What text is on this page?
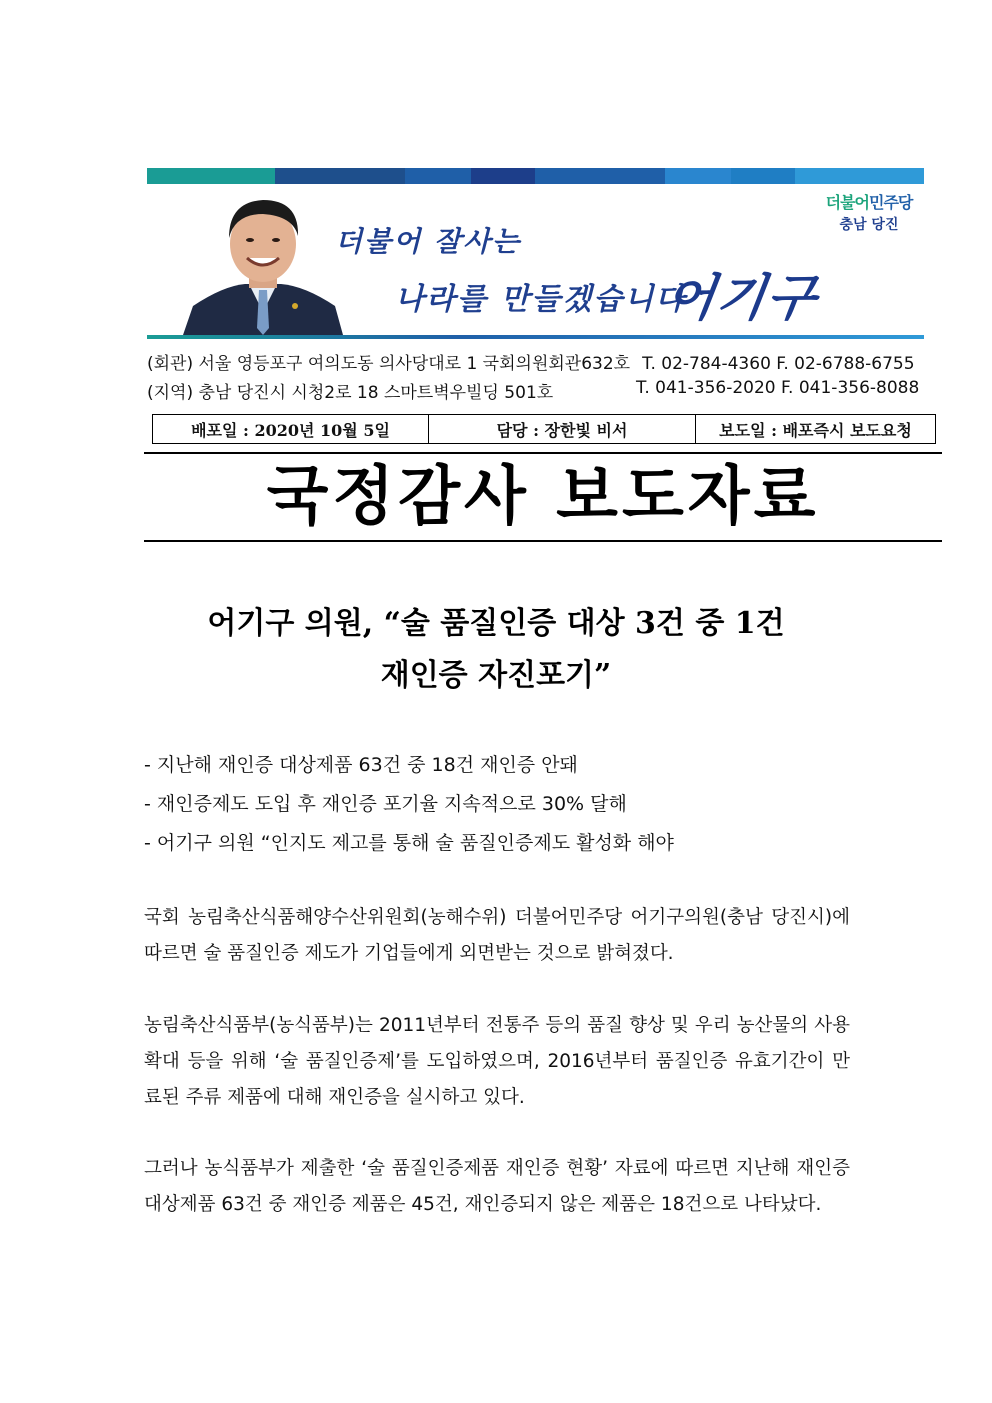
더불어 잘사는
나라를 만들겠습니다
어기구
더불어민주당
충남 당진
(회관) 서울 영등포구 여의도동 의사당대로 1 국회의원회관632호 T. 02-784-4360 F. 02-6788-6755
(지역) 충남 당진시 시청2로 18 스마트벽우빌딩 501호	T. 041-356-2020 F. 041-356-8088
배포일 : 2020년 10월 5일	담당 : 장한빛 비서	보도일 : 배포즉시 보도요청
국정감사 보도자료
어기구 의원, “술 품질인증 대상 3건 중 1건
재인증 자진포기”
- 지난해 재인증 대상제품 63건 중 18건 재인증 안돼
- 재인증제도 도입 후 재인증 포기율 지속적으로 30% 달해
- 어기구 의원 “인지도 제고를 통해 술 품질인증제도 활성화 해야

국회 농림축산식품해양수산위원회(농해수위) 더불어민주당 어기구의원(충남 당진시)에 따르면 술 품질인증 제도가 기업들에게 외면받는 것으로 밝혀졌다.

농림축산식품부(농식품부)는 2011년부터 전통주 등의 품질 향상 및 우리 농산물의 사용 확대 등을 위해 ‘술 품질인증제’를 도입하였으며, 2016년부터 품질인증 유효기간이 만료된 주류 제품에 대해 재인증을 실시하고 있다.

그러나 농식품부가 제출한 ‘술 품질인증제품 재인증 현황’ 자료에 따르면 지난해 재인증 대상제품 63건 중 재인증 제품은 45건, 재인증되지 않은 제품은 18건으로 나타났다.
